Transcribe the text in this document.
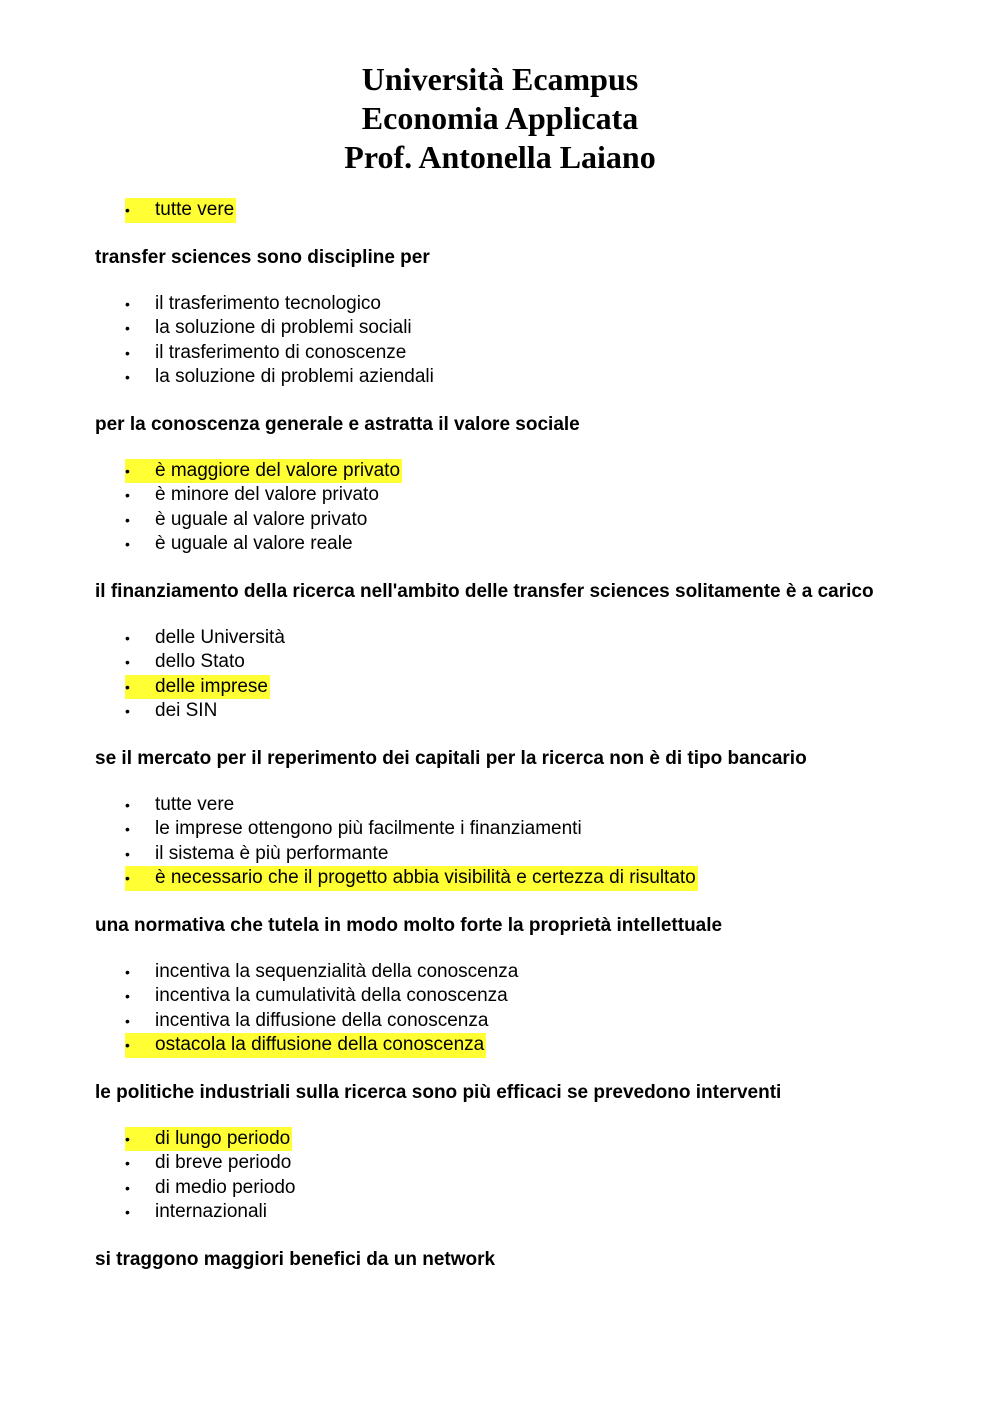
Università Ecampus
Economia Applicata
Prof. Antonella Laiano
•	tutte vere

transfer sciences sono discipline per

•	il trasferimento tecnologico
•	la soluzione di problemi sociali
•	il trasferimento di conoscenze
•	la soluzione di problemi aziendali

per la conoscenza generale e astratta il valore sociale

•	è maggiore del valore privato
•	è minore del valore privato
•	è uguale al valore privato
•	è uguale al valore reale

il finanziamento della ricerca nell'ambito delle transfer sciences solitamente è a carico

•	delle Università
•	dello Stato
•	delle imprese
•	dei SIN

se il mercato per il reperimento dei capitali per la ricerca non è di tipo bancario

•	tutte vere
•	le imprese ottengono più facilmente i finanziamenti
•	il sistema è più performante
•	è necessario che il progetto abbia visibilità e certezza di risultato

una normativa che tutela in modo molto forte la proprietà intellettuale

•	incentiva la sequenzialità della conoscenza
•	incentiva la cumulatività della conoscenza
•	incentiva la diffusione della conoscenza
•	ostacola la diffusione della conoscenza

le politiche industriali sulla ricerca sono più efficaci se prevedono interventi

•	di lungo periodo
•	di breve periodo
•	di medio periodo
•	internazionali

si traggono maggiori benefici da un network
